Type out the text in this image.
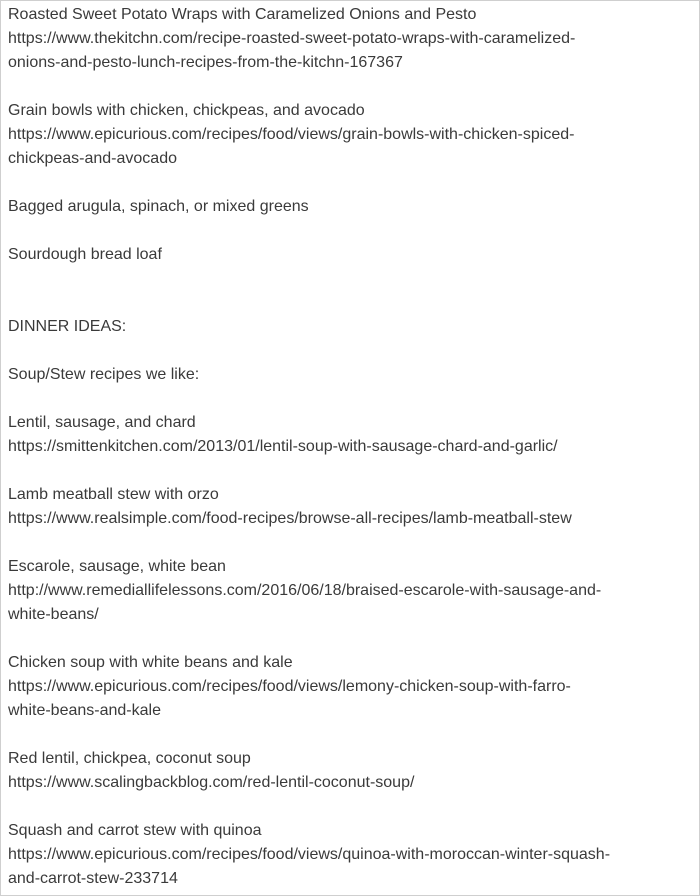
Roasted Sweet Potato Wraps with Caramelized Onions and Pesto
https://www.thekitchn.com/recipe-roasted-sweet-potato-wraps-with-caramelized-
onions-and-pesto-lunch-recipes-from-the-kitchn-167367
Grain bowls with chicken, chickpeas, and avocado
https://www.epicurious.com/recipes/food/views/grain-bowls-with-chicken-spiced-
chickpeas-and-avocado
Bagged arugula, spinach, or mixed greens
Sourdough bread loaf
DINNER IDEAS:
Soup/Stew recipes we like:
Lentil, sausage, and chard
https://smittenkitchen.com/2013/01/lentil-soup-with-sausage-chard-and-garlic/
Lamb meatball stew with orzo
https://www.realsimple.com/food-recipes/browse-all-recipes/lamb-meatball-stew
Escarole, sausage, white bean
http://www.remediallifelessons.com/2016/06/18/braised-escarole-with-sausage-and-
white-beans/
Chicken soup with white beans and kale
https://www.epicurious.com/recipes/food/views/lemony-chicken-soup-with-farro-
white-beans-and-kale
Red lentil, chickpea, coconut soup
https://www.scalingbackblog.com/red-lentil-coconut-soup/
Squash and carrot stew with quinoa
https://www.epicurious.com/recipes/food/views/quinoa-with-moroccan-winter-squash-
and-carrot-stew-233714
